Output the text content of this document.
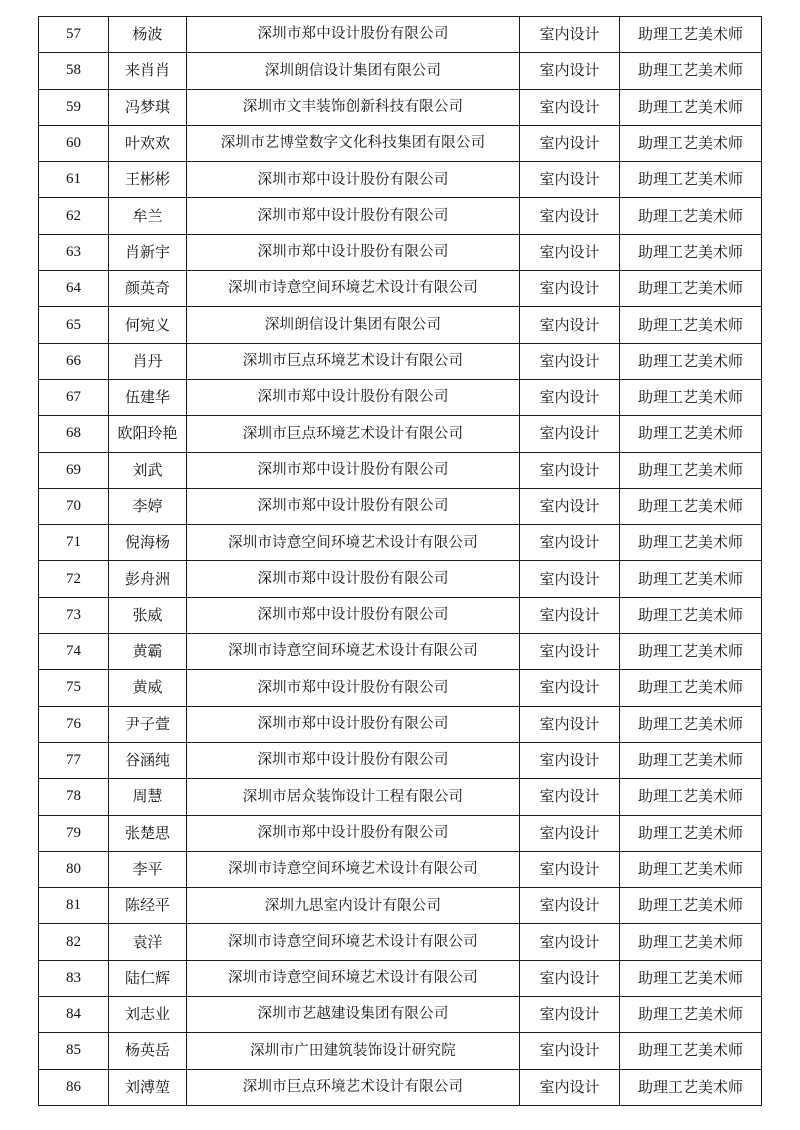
57	杨波	深圳市郑中设计股份有限公司	室内设计	助理工艺美术师
58	来肖肖	深圳朗信设计集团有限公司	室内设计	助理工艺美术师
59	冯梦琪	深圳市文丰装饰创新科技有限公司	室内设计	助理工艺美术师
60	叶欢欢	深圳市艺博堂数字文化科技集团有限公司	室内设计	助理工艺美术师
61	王彬彬	深圳市郑中设计股份有限公司	室内设计	助理工艺美术师
62	牟兰	深圳市郑中设计股份有限公司	室内设计	助理工艺美术师
63	肖新宇	深圳市郑中设计股份有限公司	室内设计	助理工艺美术师
64	颜英奇	深圳市诗意空间环境艺术设计有限公司	室内设计	助理工艺美术师
65	何宛义	深圳朗信设计集团有限公司	室内设计	助理工艺美术师
66	肖丹	深圳市巨点环境艺术设计有限公司	室内设计	助理工艺美术师
67	伍建华	深圳市郑中设计股份有限公司	室内设计	助理工艺美术师
68	欧阳玲艳	深圳市巨点环境艺术设计有限公司	室内设计	助理工艺美术师
69	刘武	深圳市郑中设计股份有限公司	室内设计	助理工艺美术师
70	李婷	深圳市郑中设计股份有限公司	室内设计	助理工艺美术师
71	倪海杨	深圳市诗意空间环境艺术设计有限公司	室内设计	助理工艺美术师
72	彭舟洲	深圳市郑中设计股份有限公司	室内设计	助理工艺美术师
73	张威	深圳市郑中设计股份有限公司	室内设计	助理工艺美术师
74	黄霸	深圳市诗意空间环境艺术设计有限公司	室内设计	助理工艺美术师
75	黄威	深圳市郑中设计股份有限公司	室内设计	助理工艺美术师
76	尹子萱	深圳市郑中设计股份有限公司	室内设计	助理工艺美术师
77	谷涵纯	深圳市郑中设计股份有限公司	室内设计	助理工艺美术师
78	周慧	深圳市居众装饰设计工程有限公司	室内设计	助理工艺美术师
79	张楚思	深圳市郑中设计股份有限公司	室内设计	助理工艺美术师
80	李平	深圳市诗意空间环境艺术设计有限公司	室内设计	助理工艺美术师
81	陈经平	深圳九思室内设计有限公司	室内设计	助理工艺美术师
82	袁洋	深圳市诗意空间环境艺术设计有限公司	室内设计	助理工艺美术师
83	陆仁辉	深圳市诗意空间环境艺术设计有限公司	室内设计	助理工艺美术师
84	刘志业	深圳市艺越建设集团有限公司	室内设计	助理工艺美术师
85	杨英岳	深圳市广田建筑装饰设计研究院	室内设计	助理工艺美术师
86	刘溥堃	深圳市巨点环境艺术设计有限公司	室内设计	助理工艺美术师
